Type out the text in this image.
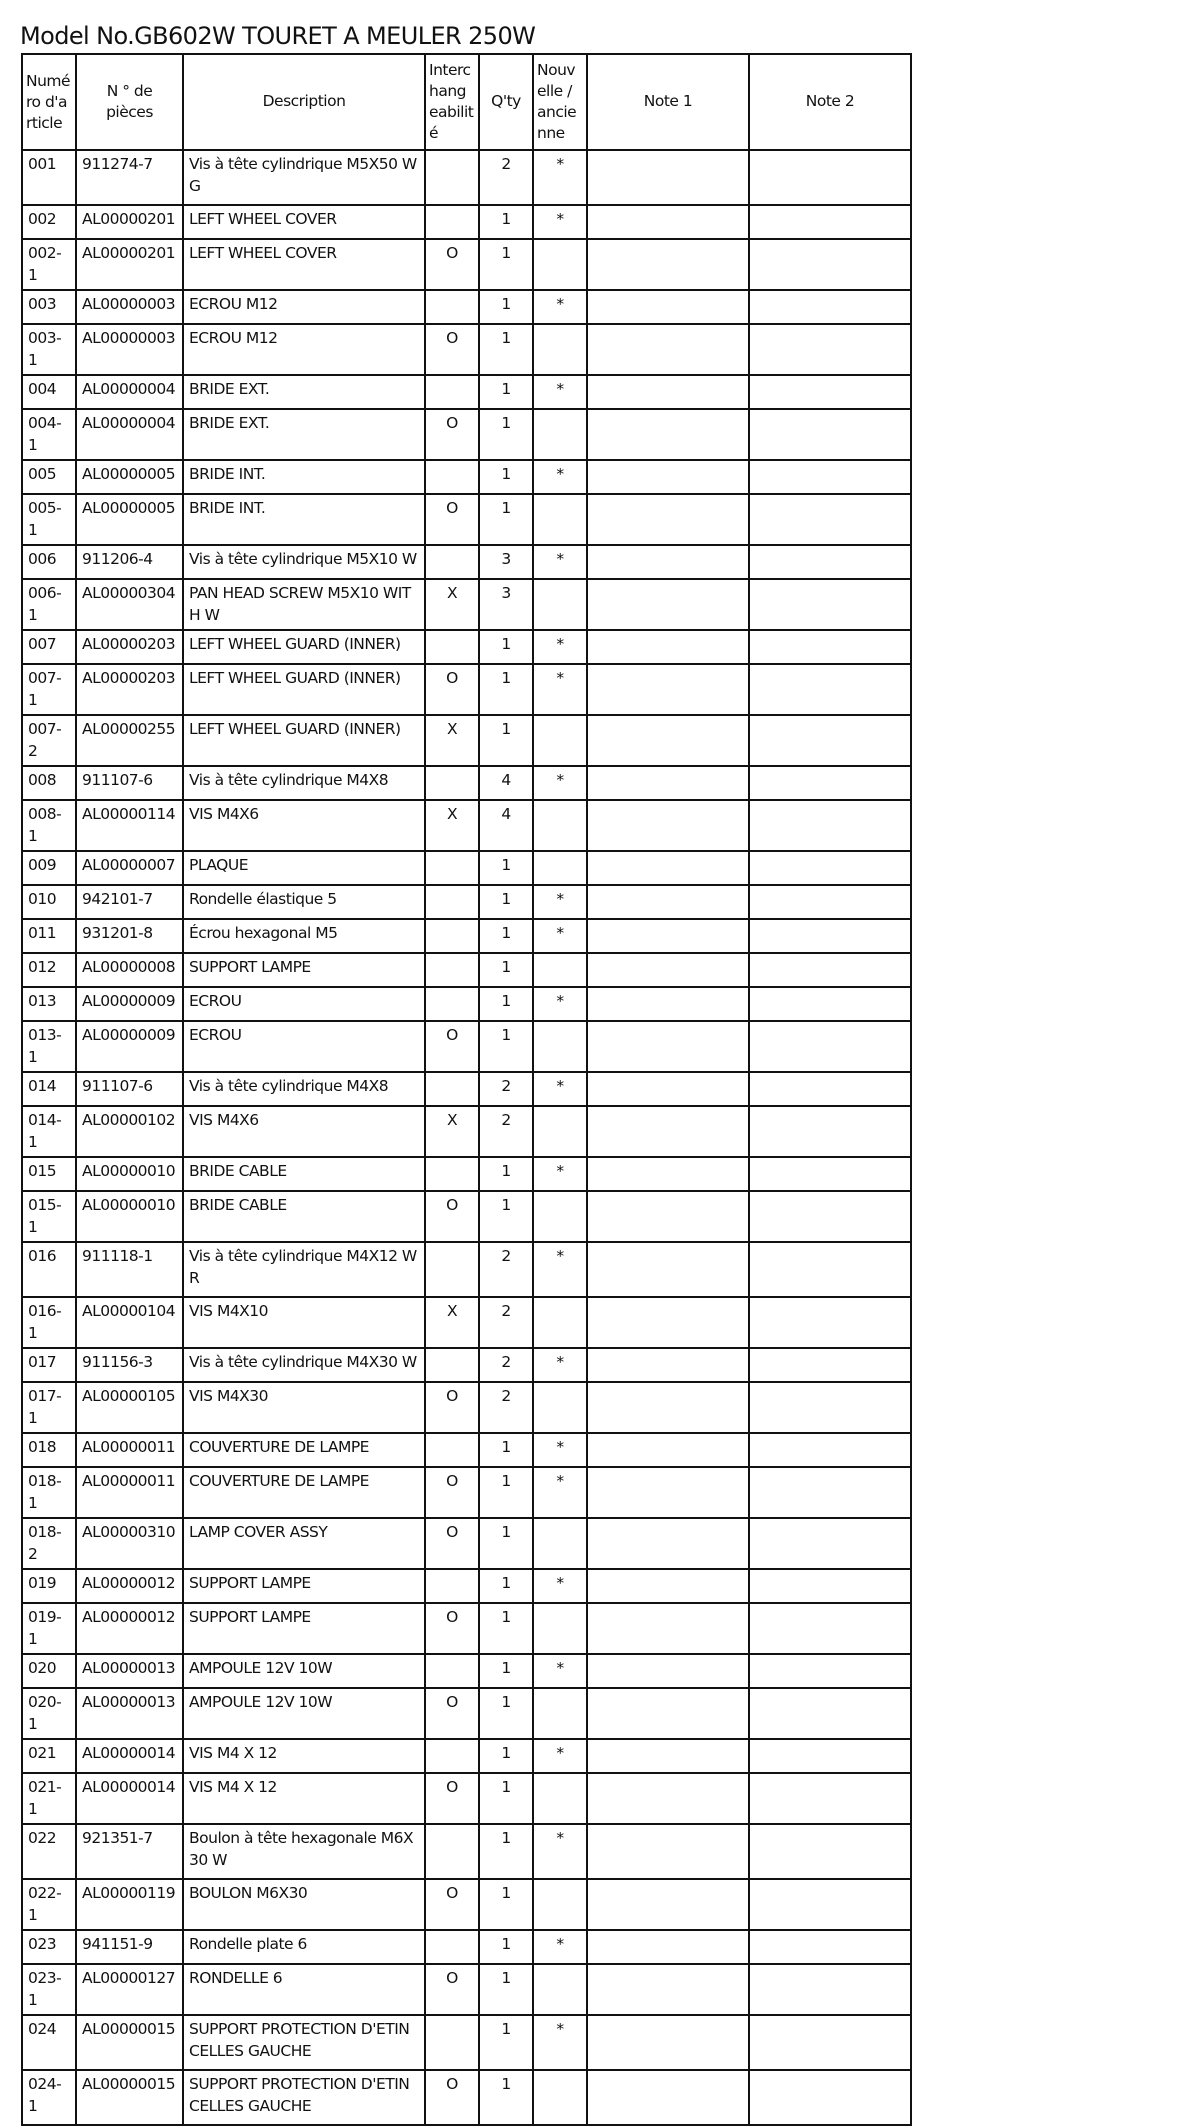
Model No.GB602W TOURET A MEULER 250W
Numéro d'article	N ° de pièces	Description	Interchangeabilité	Q'ty	Nouvelle / ancienne	Note 1	Note 2
001	911274-7	Vis à tête cylindrique M5X50 WG		2	*		
002	AL00000201	LEFT WHEEL COVER		1	*		
002-1	AL00000201	LEFT WHEEL COVER	O	1			
003	AL00000003	ECROU M12		1	*		
003-1	AL00000003	ECROU M12	O	1			
004	AL00000004	BRIDE EXT.		1	*		
004-1	AL00000004	BRIDE EXT.	O	1			
005	AL00000005	BRIDE INT.		1	*		
005-1	AL00000005	BRIDE INT.	O	1			
006	911206-4	Vis à tête cylindrique M5X10 W		3	*		
006-1	AL00000304	PAN HEAD SCREW M5X10 WITH W	X	3			
007	AL00000203	LEFT WHEEL GUARD (INNER)		1	*		
007-1	AL00000203	LEFT WHEEL GUARD (INNER)	O	1	*		
007-2	AL00000255	LEFT WHEEL GUARD (INNER)	X	1			
008	911107-6	Vis à tête cylindrique M4X8		4	*		
008-1	AL00000114	VIS M4X6	X	4			
009	AL00000007	PLAQUE		1			
010	942101-7	Rondelle élastique 5		1	*		
011	931201-8	Écrou hexagonal M5		1	*		
012	AL00000008	SUPPORT LAMPE		1			
013	AL00000009	ECROU		1	*		
013-1	AL00000009	ECROU	O	1			
014	911107-6	Vis à tête cylindrique M4X8		2	*		
014-1	AL00000102	VIS M4X6	X	2			
015	AL00000010	BRIDE CABLE		1	*		
015-1	AL00000010	BRIDE CABLE	O	1			
016	911118-1	Vis à tête cylindrique M4X12 WR		2	*		
016-1	AL00000104	VIS M4X10	X	2			
017	911156-3	Vis à tête cylindrique M4X30 W		2	*		
017-1	AL00000105	VIS M4X30	O	2			
018	AL00000011	COUVERTURE DE LAMPE		1	*		
018-1	AL00000011	COUVERTURE DE LAMPE	O	1	*		
018-2	AL00000310	LAMP COVER ASSY	O	1			
019	AL00000012	SUPPORT LAMPE		1	*		
019-1	AL00000012	SUPPORT LAMPE	O	1			
020	AL00000013	AMPOULE 12V 10W		1	*		
020-1	AL00000013	AMPOULE 12V 10W	O	1			
021	AL00000014	VIS M4 X 12		1	*		
021-1	AL00000014	VIS M4 X 12	O	1			
022	921351-7	Boulon à tête hexagonale M6X30 W		1	*		
022-1	AL00000119	BOULON M6X30	O	1			
023	941151-9	Rondelle plate 6		1	*		
023-1	AL00000127	RONDELLE 6	O	1			
024	AL00000015	SUPPORT PROTECTION D'ETINCELLES GAUCHE		1	*		
024-1	AL00000015	SUPPORT PROTECTION D'ETINCELLES GAUCHE	O	1			
